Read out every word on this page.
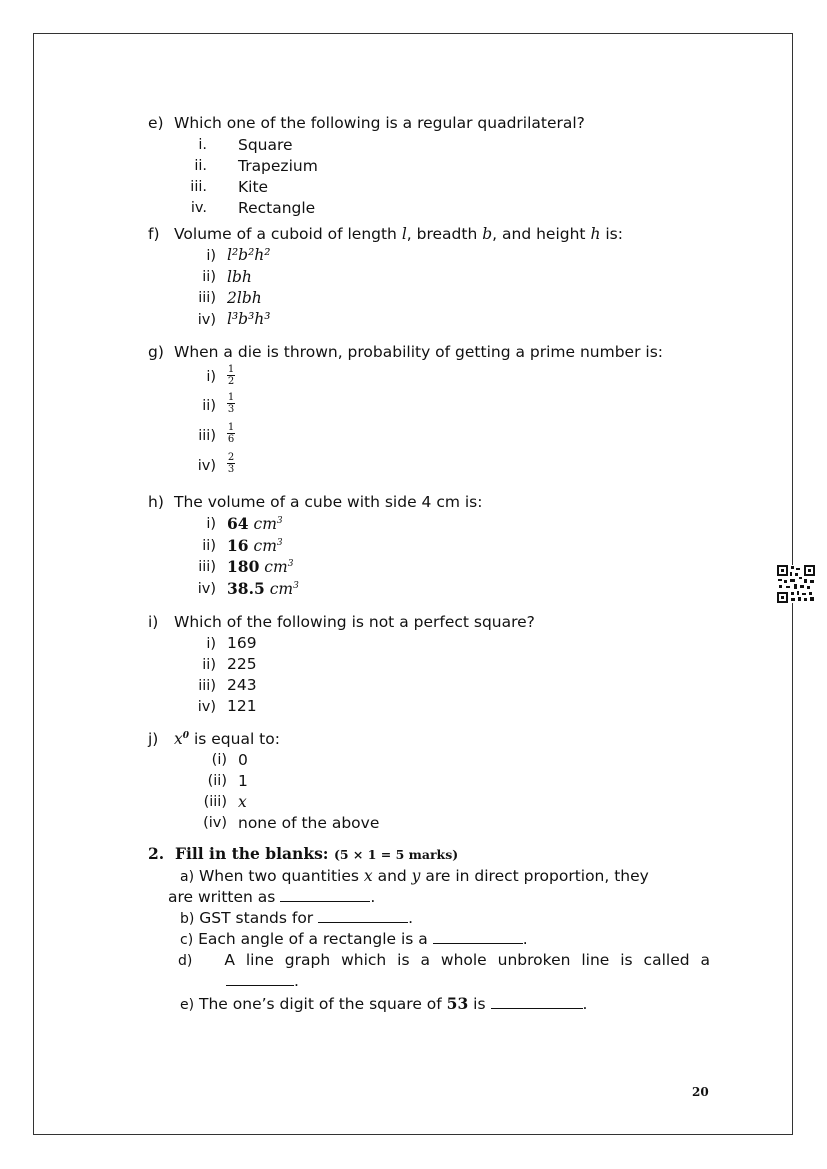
e) Which one of the following is a regular quadrilateral?
i. Square
ii. Trapezium
iii. Kite
iv. Rectangle
f) Volume of a cuboid of length l, breadth b, and height h is:
i) l²b²h²
ii) lbh
iii) 2lbh
iv) l³b³h³
g) When a die is thrown, probability of getting a prime number is:
i) 1
2
ii)
1
3
iii)
1
6
iv)
2
3
h) The volume of a cube with side 4 cm is:
i) 64 $cm^3$
ii) 16 $cm^3$
iii) 180 $cm^3$
iv) 38.5 $cm^3$
i) Which of the following is not a perfect square?
i) 169
ii) 225
iii) 243
iv) 121
j) $x^0$ is equal to:
(i) 0
(ii) 1
(iii) x
(iv) none of the above
2. Fill in the blanks: (5 × 1 = 5 marks)
a) When two quantities x and y are in direct proportion, they
are written as	.
b) GST stands for	.
c) Each angle of a rectangle is a	.
d) A line graph which is a whole unbroken line is called a
.
e) The one’s digit of the square of 53 is	.
20
